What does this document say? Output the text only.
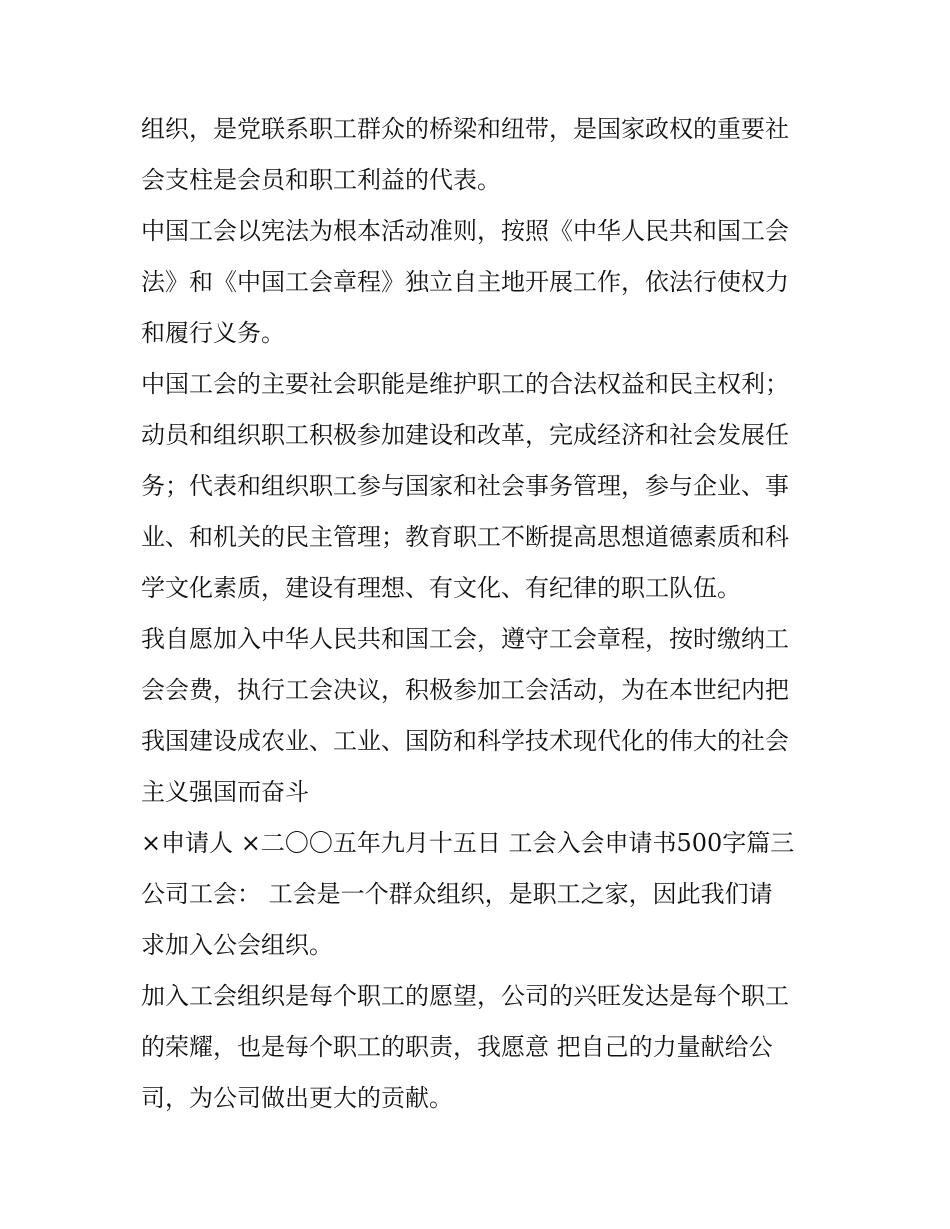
组织，是党联系职工群众的桥梁和纽带，是国家政权的重要社
会支柱是会员和职工利益的代表。

中国工会以宪法为根本活动准则，按照《中华人民共和国工会
法》和《中国工会章程》独立自主地开展工作，依法行使权力
和履行义务。

中国工会的主要社会职能是维护职工的合法权益和民主权利；
动员和组织职工积极参加建设和改革，完成经济和社会发展任
务；代表和组织职工参与国家和社会事务管理，参与企业、事
业、和机关的民主管理；教育职工不断提高思想道德素质和科
学文化素质，建设有理想、有文化、有纪律的职工队伍。

我自愿加入中华人民共和国工会，遵守工会章程，按时缴纳工
会会费，执行工会决议，积极参加工会活动，为在本世纪内把
我国建设成农业、工业、国防和科学技术现代化的伟大的社会
主义强国而奋斗

×申请人 ×二〇〇五年九月十五日 工会入会申请书500字篇三
公司工会： 工会是一个群众组织，是职工之家，因此我们请
求加入公会组织。

加入工会组织是每个职工的愿望，公司的兴旺发达是每个职工
的荣耀，也是每个职工的职责，我愿意 把自己的力量献给公
司，为公司做出更大的贡献。
